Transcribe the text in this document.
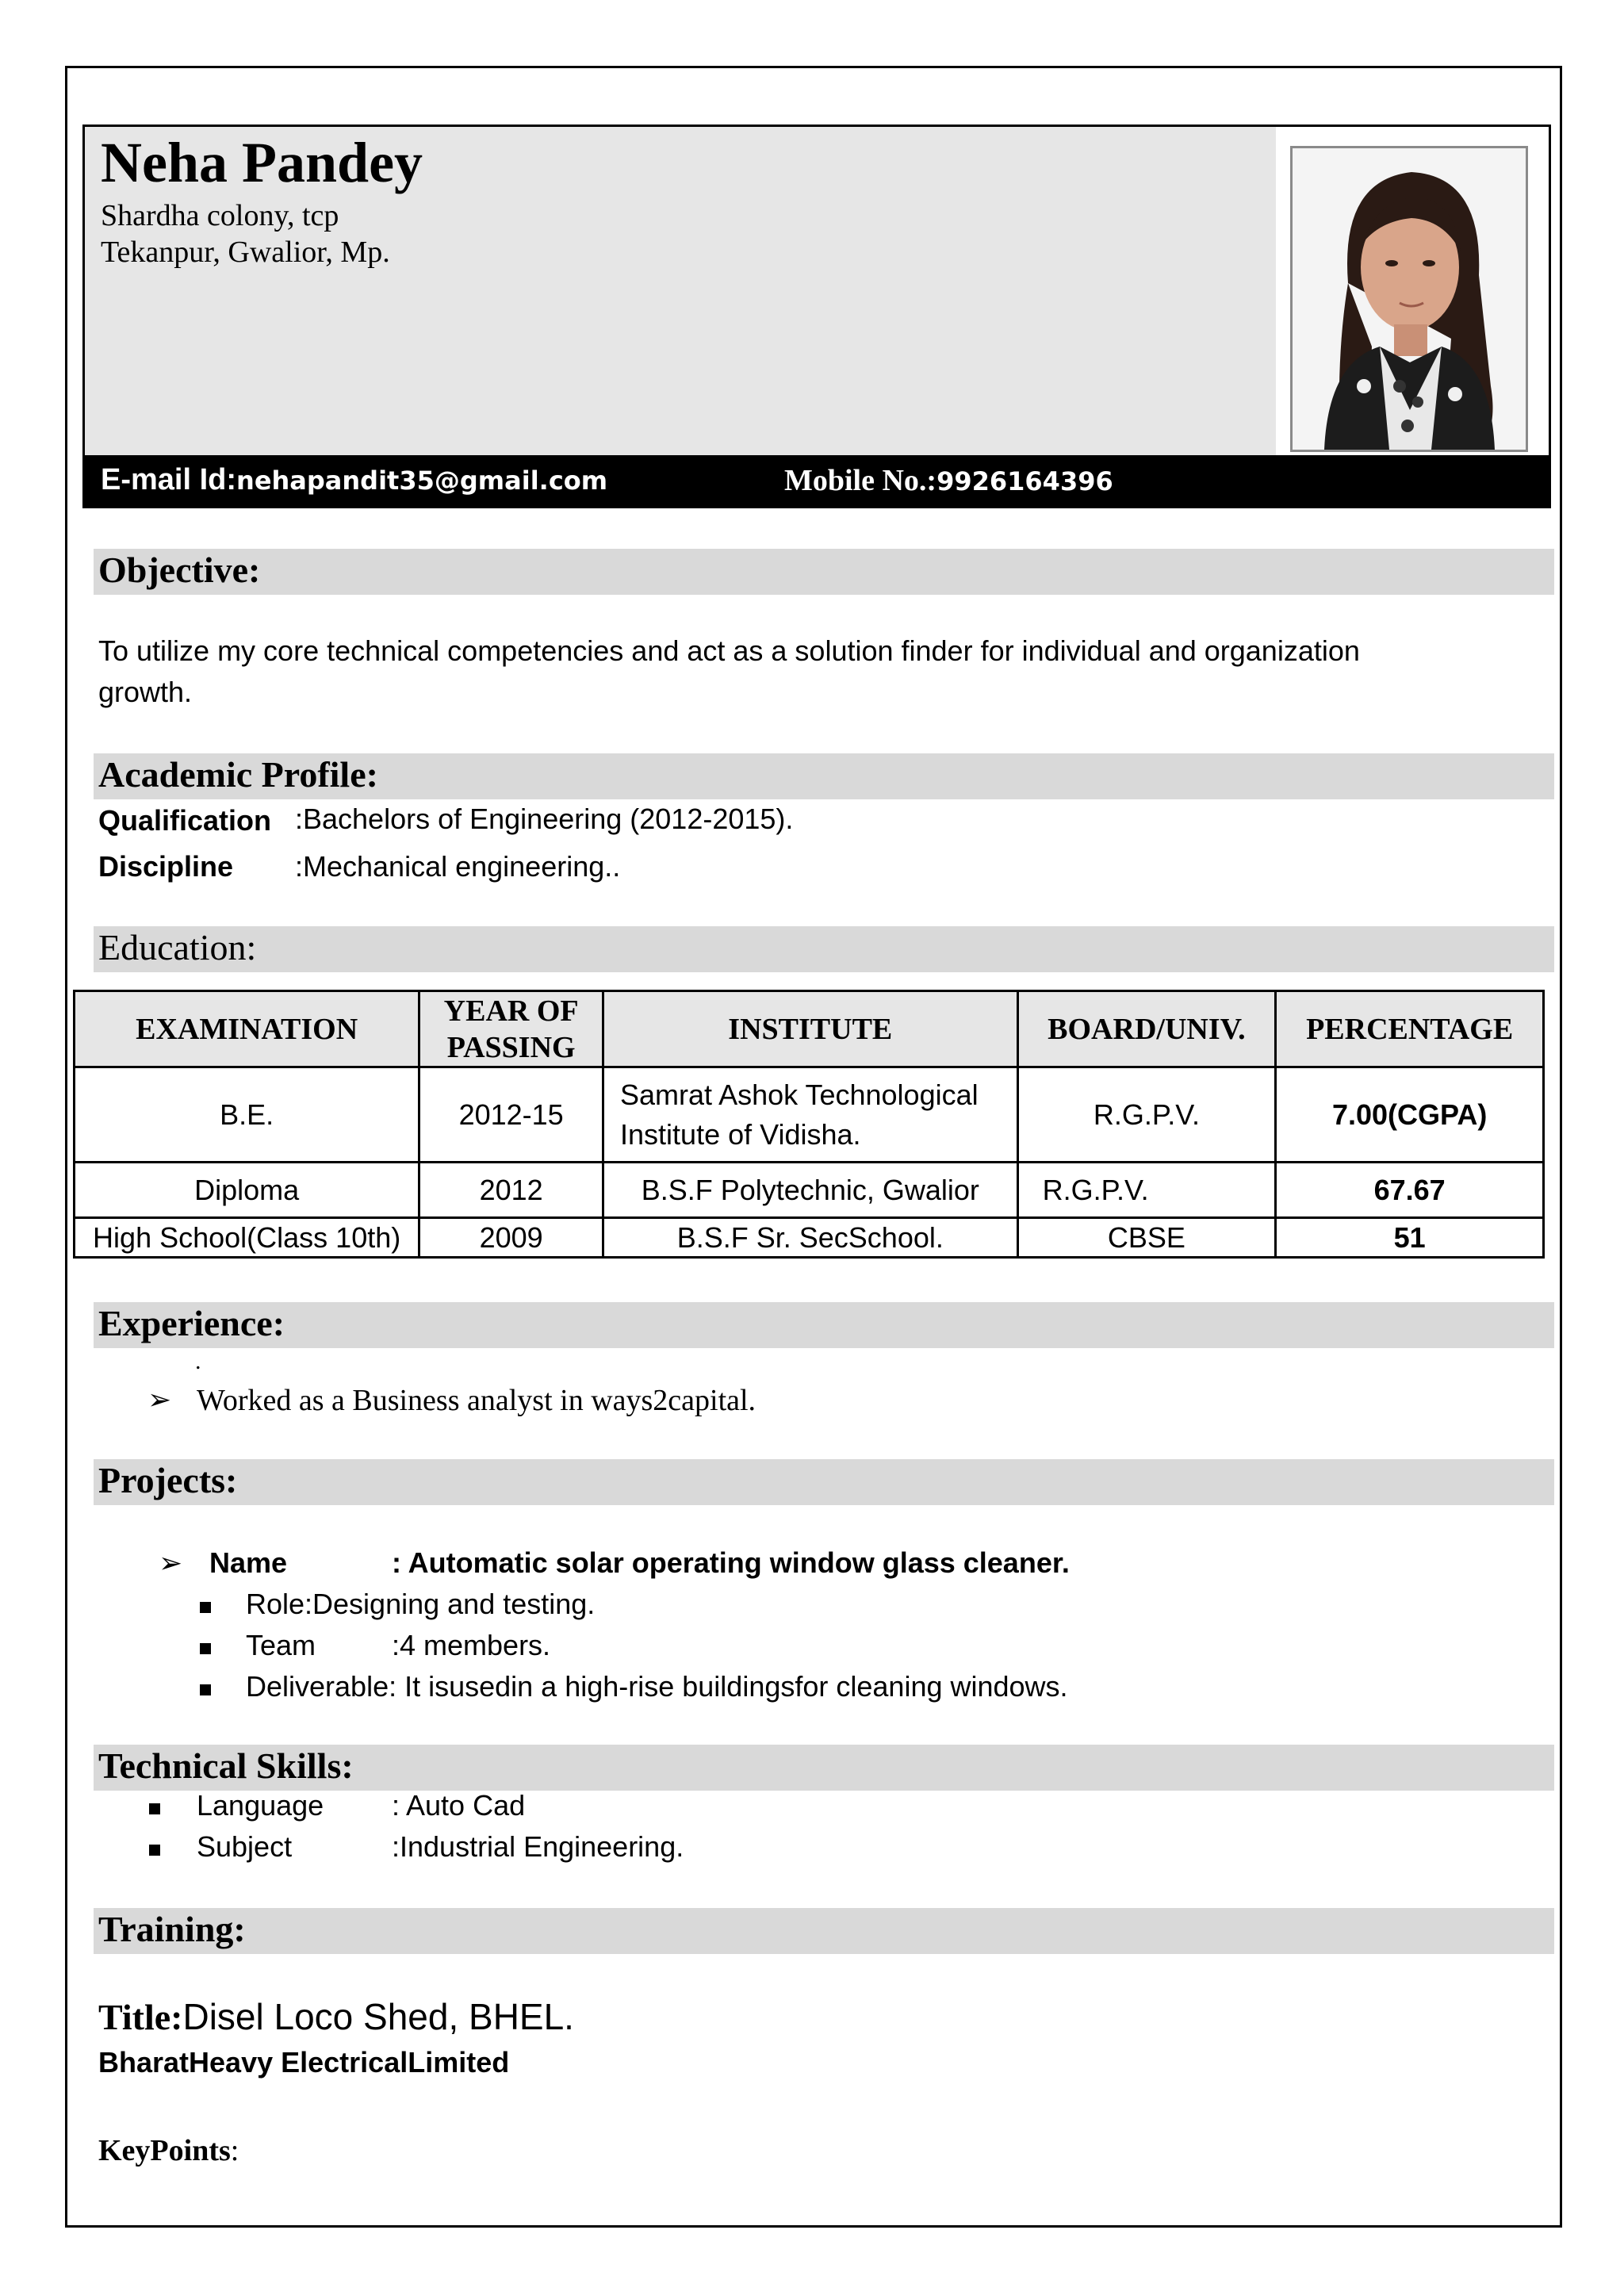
Neha Pandey
Shardha colony, tcp
Tekanpur, Gwalior, Mp.
E-mail Id:nehapandit35@gmail.com	Mobile No.:9926164396
Objective:
To utilize my core technical competencies and act as a solution finder for individual and organization
growth.
Academic Profile:
Qualification :Bachelors of Engineering (2012-2015).
Discipline :Mechanical engineering..
Education:
EXAMINATION	YEAR OF PASSING	INSTITUTE	BOARD/UNIV.	PERCENTAGE
B.E.	2012-15	Samrat Ashok Technological Institute of Vidisha.	R.G.P.V.	7.00(CGPA)
Diploma	2012	B.S.F Polytechnic, Gwalior	R.G.P.V.	67.67
High School(Class 10th)	2009	B.S.F Sr. SecSchool.	CBSE	51
Experience:
.
➢ Worked as a Business analyst in ways2capital.
Projects:
➢ Name	: Automatic solar operating window glass cleaner.
Role:Designing and testing.
Team	:4 members.
Deliverable: It isusedin a high-rise buildingsfor cleaning windows.
Technical Skills:
Language : Auto Cad
Subject	:Industrial Engineering.
Training:
Title:Disel Loco Shed, BHEL.
BharatHeavy ElectricalLimited
KeyPoints:
